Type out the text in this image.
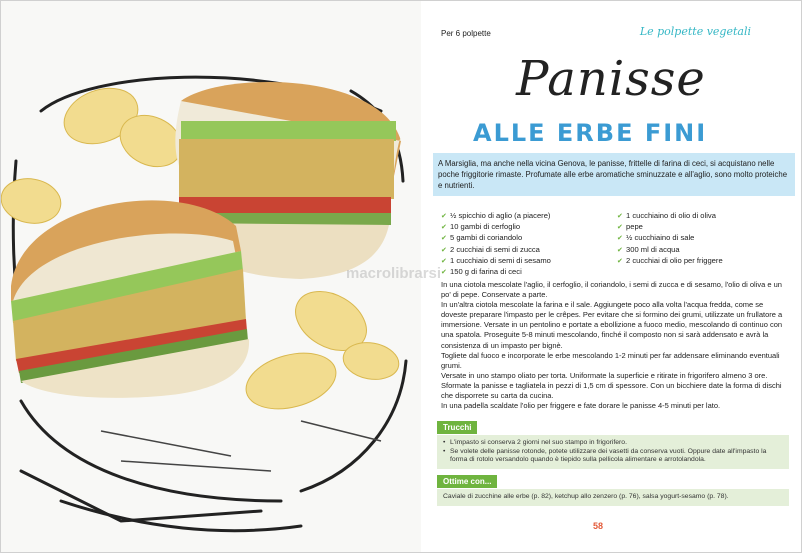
Per 6 polpette	Le polpette vegetali
Panisse
ALLE ERBE FINI
A Marsiglia, ma anche nella vicina Genova, le panisse, frittelle di farina di ceci, si acquistano nelle poche friggitorie rimaste. Profumate alle erbe aromatiche sminuzzate e all'aglio, sono molto proteiche e nutrienti.
✔ ½ spicchio di aglio (a piacere)
✔ 10 gambi di cerfoglio
✔ 5 gambi di coriandolo
✔ 2 cucchiai di semi di zucca
✔ 1 cucchiaio di semi di sesamo
✔ 150 g di farina di ceci
✔ 1 cucchiaino di olio di oliva
✔ pepe
✔ ½ cucchiaino di sale
✔ 300 ml di acqua
✔ 2 cucchiai di olio per friggere

In una ciotola mescolate l'aglio, il cerfoglio, il coriandolo, i semi di zucca e di sesamo, l'olio di oliva e un po' di pepe. Conservate a parte.

In un'altra ciotola mescolate la farina e il sale. Aggiungete poco alla volta l'acqua fredda, come se doveste preparare l'impasto per le crêpes. Per evitare che si formino dei grumi, utilizzate un frullatore a immersione. Versate in un pentolino e portate a ebollizione a fuoco medio, mescolando di continuo con una spatola. Proseguite 5-8 minuti mescolando, finché il composto non si sarà addensato e avrà la consistenza di un impasto per bignè.

Togliete dal fuoco e incorporate le erbe mescolando 1-2 minuti per far addensare eliminando eventuali grumi.

Versate in uno stampo oliato per torta. Uniformate la superficie e ritirate in frigorifero almeno 3 ore. Sformate la panisse e tagliatela in pezzi di 1,5 cm di spessore. Con un bicchiere date la forma di dischi che disporrete su carta da cucina.

In una padella scaldate l'olio per friggere e fate dorare le panisse 4-5 minuti per lato.

Trucchi
• L'impasto si conserva 2 giorni nel suo stampo in frigorifero.
• Se volete delle panisse rotonde, potete utilizzare dei vasetti da conserva vuoti. Oppure date all'impasto la forma di rotolo versandolo quando è tiepido sulla pellicola alimentare e arrotolandola.
Ottime con...
Caviale di zucchine alle erbe (p. 82), ketchup allo zenzero (p. 76), salsa yogurt-sesamo (p. 78).
58
macrolibrarsi
